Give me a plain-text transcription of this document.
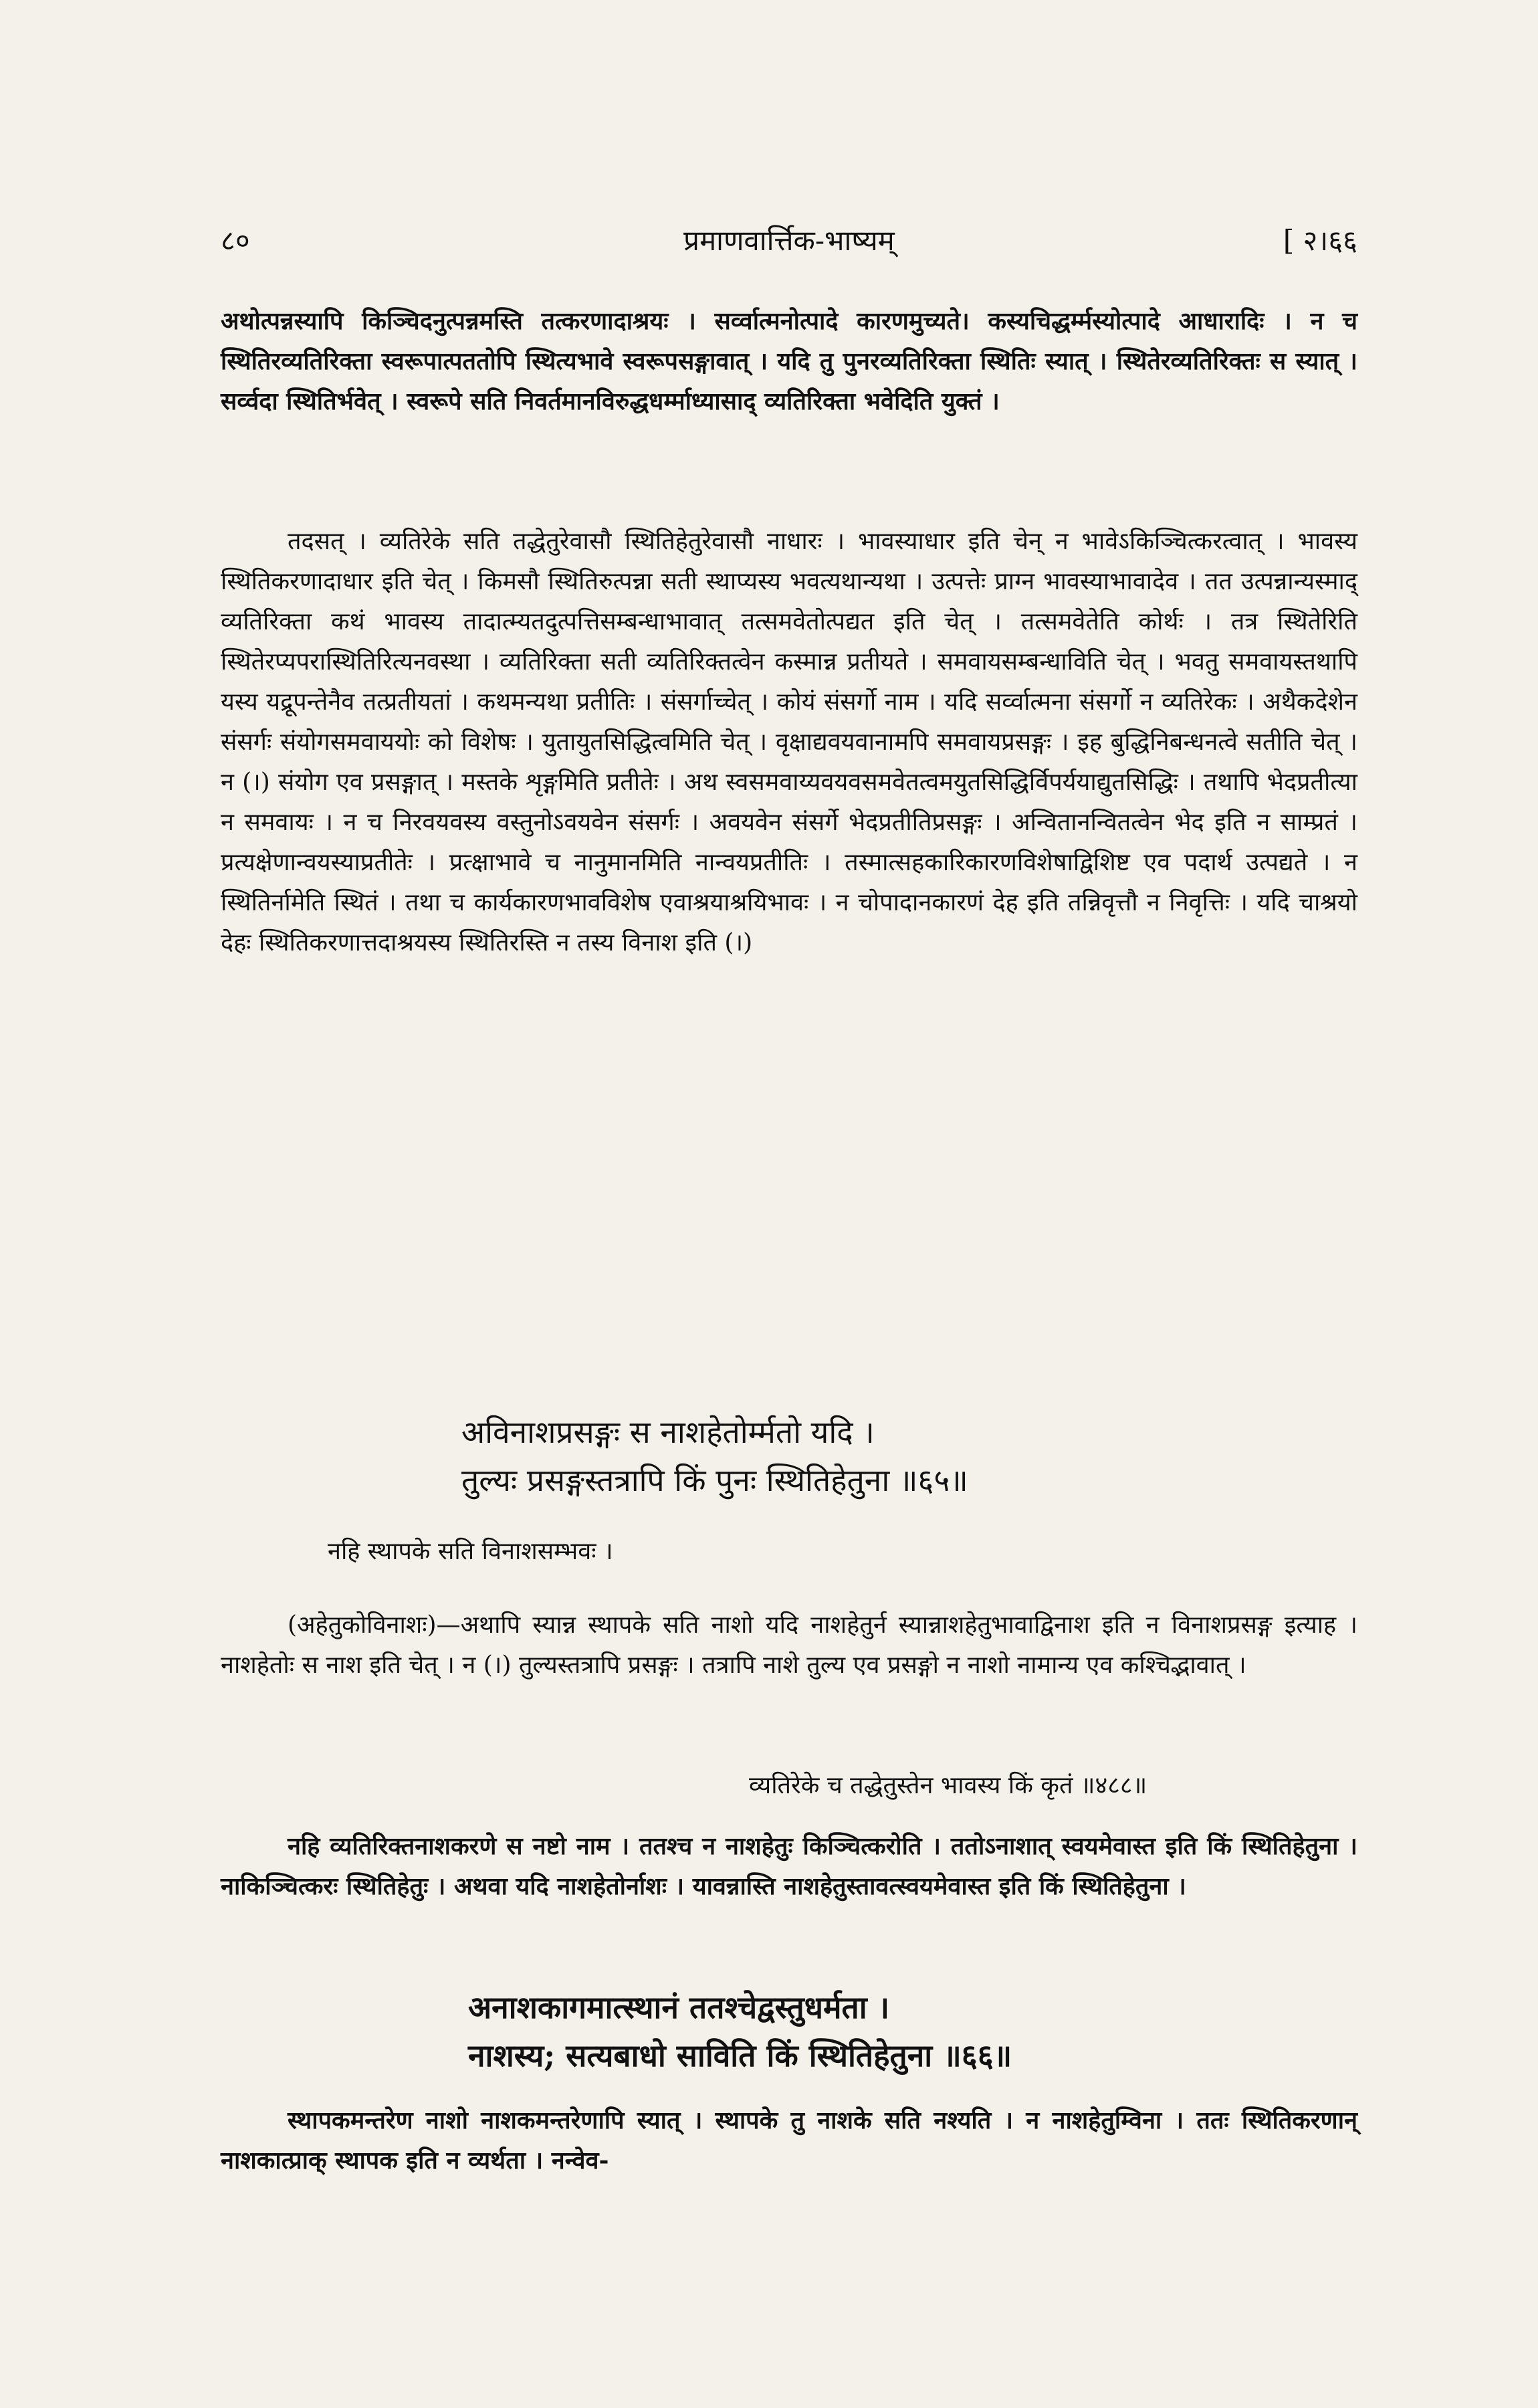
८०	प्रमाणवार्त्तिक-भाष्यम्	[ २।६६
अथोत्पन्नस्यापि किञ्चिदनुत्पन्नमस्ति तत्करणादाश्रयः । सर्व्वात्मनोत्पादे कारणमुच्यते। कस्यचिद्धर्म्मस्योत्पादे आधारादिः । न च स्थितिरव्यतिरिक्ता स्वरूपात्पततोपि स्थित्यभावे स्वरूपसङ्गावात् । यदि तु पुनरव्यतिरिक्ता स्थितिः स्यात् । स्थितेरव्यतिरिक्तः स स्यात् । सर्व्वदा स्थितिर्भवेत् । स्वरूपे सति निवर्तमानविरुद्धधर्म्माध्यासाद् व्यतिरिक्ता भवेदिति युक्तं ।
तदसत् । व्यतिरेके सति तद्धेतुरेवासौ स्थितिहेतुरेवासौ नाधारः । भावस्याधार इति चेन् न भावेऽकिञ्चित्करत्वात् । भावस्य स्थितिकरणादाधार इति चेत् । किमसौ स्थितिरुत्पन्ना सती स्थाप्यस्य भवत्यथान्यथा । उत्पत्तेः प्राग्न भावस्याभावादेव । तत उत्पन्नान्यस्माद् व्यतिरिक्ता कथं भावस्य तादात्म्यतदुत्पत्तिसम्बन्धाभावात् तत्समवेतोत्पद्यत इति चेत् । तत्समवेतेति कोर्थः । तत्र स्थितेरिति स्थितेरप्यपरास्थितिरित्यनवस्था । व्यतिरिक्ता सती व्यतिरिक्तत्वेन कस्मान्न प्रतीयते । समवायसम्बन्धाविति चेत् । भवतु समवायस्तथापि यस्य यद्रूपन्तेनैव तत्प्रतीयतां । कथमन्यथा प्रतीतिः । संसर्गाच्चेत् । कोयं संसर्गो नाम । यदि सर्व्वात्मना संसर्गो न व्यतिरेकः । अथैकदेशेन संसर्गः संयोगसमवाययोः को विशेषः । युतायुतसिद्धित्वमिति चेत् । वृक्षाद्यवयवानामपि समवायप्रसङ्गः । इह बुद्धिनिबन्धनत्वे सतीति चेत् । न (।) संयोग एव प्रसङ्गात् । मस्तके शृङ्गमिति प्रतीतेः । अथ स्वसमवाय्यवयवसमवेतत्वमयुतसिद्धिर्विपर्ययाद्युतसिद्धिः । तथापि भेदप्रतीत्या न समवायः । न च निरवयवस्य वस्तुनोऽवयवेन संसर्गः । अवयवेन संसर्गे भेदप्रतीतिप्रसङ्गः । अन्वितानन्वितत्वेन भेद इति न साम्प्रतं । प्रत्यक्षेणान्वयस्याप्रतीतेः । प्रत्क्षाभावे च नानुमानमिति नान्वयप्रतीतिः । तस्मात्सहकारिकारणविशेषाद्विशिष्ट एव पदार्थ उत्पद्यते । न स्थितिर्नामेति स्थितं । तथा च कार्यकारणभावविशेष एवाश्रयाश्रयिभावः । न चोपादानकारणं देह इति तन्निवृत्तौ न निवृत्तिः । यदि चाश्रयो देहः स्थितिकरणात्तदाश्रयस्य स्थितिरस्ति न तस्य विनाश इति (।)
अविनाशप्रसङ्गः स नाशहेतोर्म्मतो यदि ।
तुल्यः प्रसङ्गस्तत्रापि किं पुनः स्थितिहेतुना ॥६५॥
नहि स्थापके सति विनाशसम्भवः ।
(अहेतुकोविनाशः)—अथापि स्यान्न स्थापके सति नाशो यदि नाशहेतुर्न स्यान्नाशहेतुभावाद्विनाश इति न विनाशप्रसङ्ग इत्याह । नाशहेतोः स नाश इति चेत् । न (।) तुल्यस्तत्रापि प्रसङ्गः । तत्रापि नाशे तुल्य एव प्रसङ्गो न नाशो नामान्य एव कश्चिद्भावात् ।
व्यतिरेके च तद्धेतुस्तेन भावस्य किं कृतं ॥४८८॥
नहि व्यतिरिक्तनाशकरणे स नष्टो नाम । ततश्च न नाशहेतुः किञ्चित्करोति । ततोऽनाशात् स्वयमेवास्त इति किं स्थितिहेतुना । नाकिञ्चित्करः स्थितिहेतुः । अथवा यदि नाशहेतोर्नाशः । यावन्नास्ति नाशहेतुस्तावत्स्वयमेवास्त इति किं स्थितिहेतुना ।
अनाशकागमात्स्थानं ततश्चेद्वस्तुधर्मता ।
नाशस्य; सत्यबाधो साविति किं स्थितिहेतुना ॥६६॥
स्थापकमन्तरेण नाशो नाशकमन्तरेणापि स्यात् । स्थापके तु नाशके सति नश्यति । न नाशहेतुम्विना । ततः स्थितिकरणान् नाशकात्प्राक् स्थापक इति न व्यर्थता । नन्वेव-
